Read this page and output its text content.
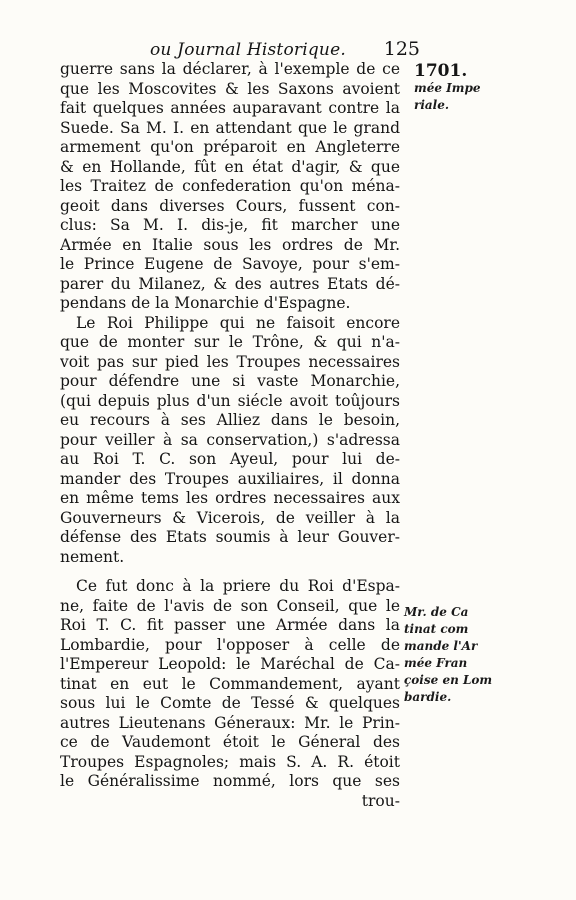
ou Journal Historique. 125
1701.
mée Impe
riale.
Mr. de Ca
tinat com
mande l'Ar
mée Fran
çoise en Lom
bardie.
guerre sans la déclarer, à l'exemple de ce
que les Moscovites & les Saxons avoient
fait quelques années auparavant contre la
Suede. Sa M. I. en attendant que le grand
armement qu'on préparoit en Angleterre
& en Hollande, fût en état d'agir, & que
les Traitez de confederation qu'on ména-
geoit dans diverses Cours, fussent con-
clus: Sa M. I. dis-je, fit marcher une
Armée en Italie sous les ordres de Mr.
le Prince Eugene de Savoye, pour s'em-
parer du Milanez, & des autres Etats dé-
pendans de la Monarchie d'Espagne.
Le Roi Philippe qui ne faisoit encore
que de monter sur le Trône, & qui n'a-
voit pas sur pied les Troupes necessaires
pour défendre une si vaste Monarchie,
(qui depuis plus d'un siécle avoit toûjours
eu recours à ses Alliez dans le besoin,
pour veiller à sa conservation,) s'adressa
au Roi T. C. son Ayeul, pour lui de-
mander des Troupes auxiliaires, il donna
en même tems les ordres necessaires aux
Gouverneurs & Vicerois, de veiller à la
défense des Etats soumis à leur Gouver-
nement.
Ce fut donc à la priere du Roi d'Espa-
ne, faite de l'avis de son Conseil, que le
Roi T. C. fit passer une Armée dans la
Lombardie, pour l'opposer à celle de
l'Empereur Leopold: le Maréchal de Ca-
tinat en eut le Commandement, ayant
sous lui le Comte de Tessé & quelques
autres Lieutenans Géneraux: Mr. le Prin-
ce de Vaudemont étoit le Géneral des
Troupes Espagnoles; mais S. A. R. étoit
le Généralissime nommé, lors que ses
trou-
